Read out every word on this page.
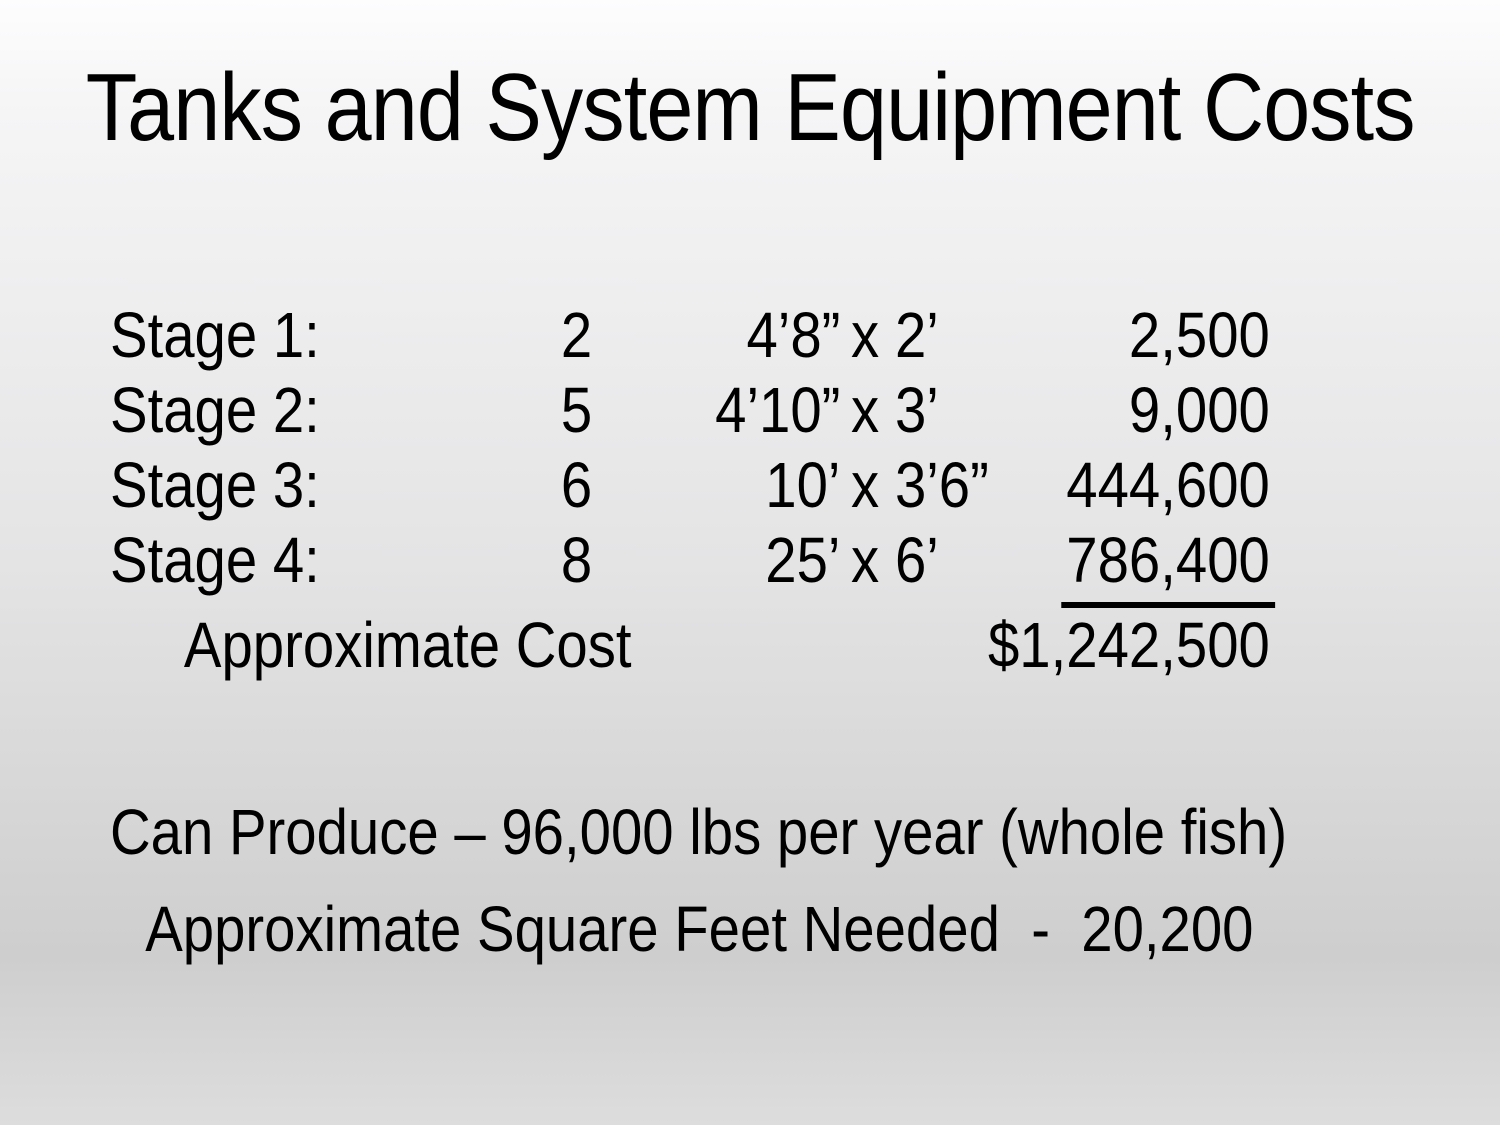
Tanks and System Equipment Costs
Stage 1:	2	4’8” x 2’	2,500
Stage 2:	5	4’10” x 3’	9,000
Stage 3:	6	10’ x 3’6”	444,600
Stage 4:	8	25’ x 6’	786,400
Approximate Cost	$1,242,500

Can Produce – 96,000 lbs per year (whole fish)

Approximate Square Feet Needed  -  20,200
